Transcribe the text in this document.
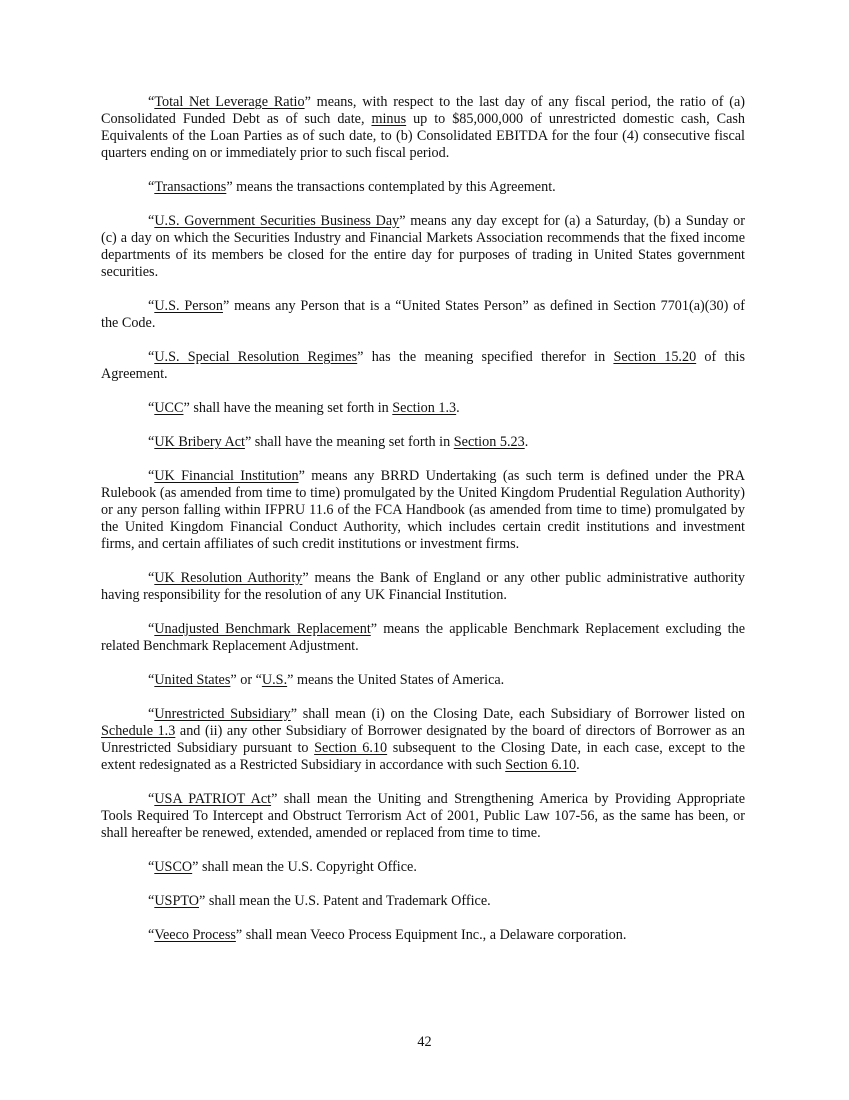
“Total Net Leverage Ratio” means, with respect to the last day of any fiscal period, the ratio of (a) Consolidated Funded Debt as of such date, minus up to $85,000,000 of unrestricted domestic cash, Cash Equivalents of the Loan Parties as of such date, to (b) Consolidated EBITDA for the four (4) consecutive fiscal quarters ending on or immediately prior to such fiscal period.

“Transactions” means the transactions contemplated by this Agreement.

“U.S. Government Securities Business Day” means any day except for (a) a Saturday, (b) a Sunday or (c) a day on which the Securities Industry and Financial Markets Association recommends that the fixed income departments of its members be closed for the entire day for purposes of trading in United States government securities.

“U.S. Person” means any Person that is a “United States Person” as defined in Section 7701(a)(30) of the Code.

“U.S. Special Resolution Regimes” has the meaning specified therefor in Section 15.20 of this Agreement.

“UCC” shall have the meaning set forth in Section 1.3.

“UK Bribery Act” shall have the meaning set forth in Section 5.23.

“UK Financial Institution” means any BRRD Undertaking (as such term is defined under the PRA Rulebook (as amended from time to time) promulgated by the United Kingdom Prudential Regulation Authority) or any person falling within IFPRU 11.6 of the FCA Handbook (as amended from time to time) promulgated by the United Kingdom Financial Conduct Authority, which includes certain credit institutions and investment firms, and certain affiliates of such credit institutions or investment firms.

“UK Resolution Authority” means the Bank of England or any other public administrative authority having responsibility for the resolution of any UK Financial Institution.

“Unadjusted Benchmark Replacement” means the applicable Benchmark Replacement excluding the related Benchmark Replacement Adjustment.

“United States” or “U.S.” means the United States of America.

“Unrestricted Subsidiary” shall mean (i) on the Closing Date, each Subsidiary of Borrower listed on Schedule 1.3 and (ii) any other Subsidiary of Borrower designated by the board of directors of Borrower as an Unrestricted Subsidiary pursuant to Section 6.10 subsequent to the Closing Date, in each case, except to the extent redesignated as a Restricted Subsidiary in accordance with such Section 6.10.

“USA PATRIOT Act” shall mean the Uniting and Strengthening America by Providing Appropriate Tools Required To Intercept and Obstruct Terrorism Act of 2001, Public Law 107-56, as the same has been, or shall hereafter be renewed, extended, amended or replaced from time to time.

“USCO” shall mean the U.S. Copyright Office.

“USPTO” shall mean the U.S. Patent and Trademark Office.

“Veeco Process” shall mean Veeco Process Equipment Inc., a Delaware corporation.

42
